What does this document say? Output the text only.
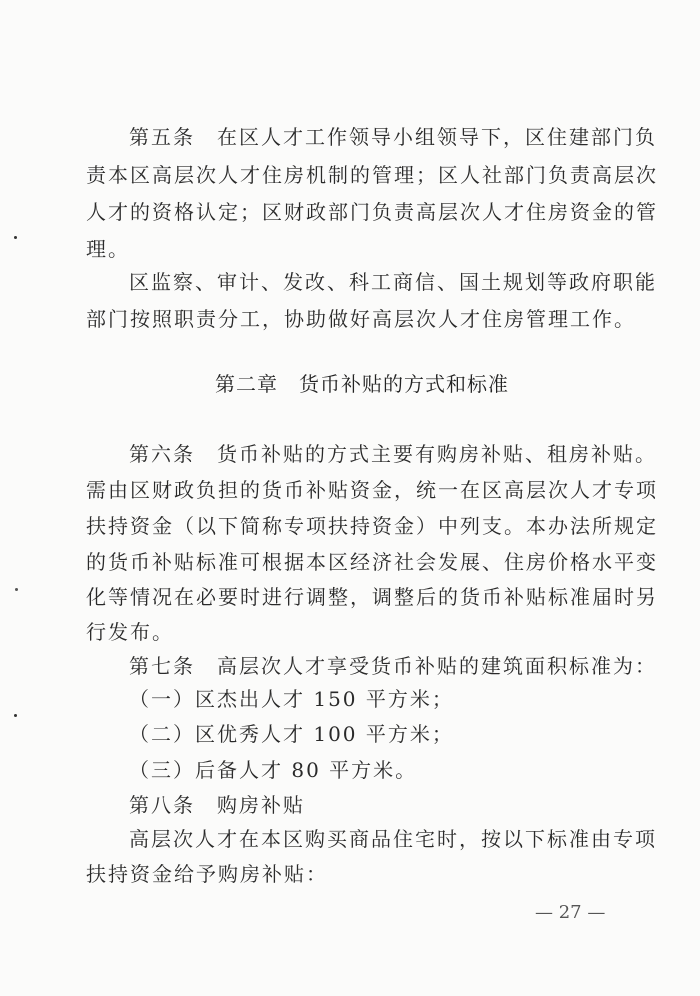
第五条　在区人才工作领导小组领导下，区住建部门负
责本区高层次人才住房机制的管理；区人社部门负责高层次
人才的资格认定；区财政部门负责高层次人才住房资金的管
理。
区监察、审计、发改、科工商信、国土规划等政府职能
部门按照职责分工，协助做好高层次人才住房管理工作。
第二章　货币补贴的方式和标准
第六条　货币补贴的方式主要有购房补贴、租房补贴。
需由区财政负担的货币补贴资金，统一在区高层次人才专项
扶持资金（以下简称专项扶持资金）中列支。本办法所规定
的货币补贴标准可根据本区经济社会发展、住房价格水平变
化等情况在必要时进行调整，调整后的货币补贴标准届时另
行发布。
第七条　高层次人才享受货币补贴的建筑面积标准为：
（一）区杰出人才 150 平方米；
（二）区优秀人才 100 平方米；
（三）后备人才 80 平方米。
第八条　购房补贴
高层次人才在本区购买商品住宅时，按以下标准由专项
扶持资金给予购房补贴：
— 27 —
